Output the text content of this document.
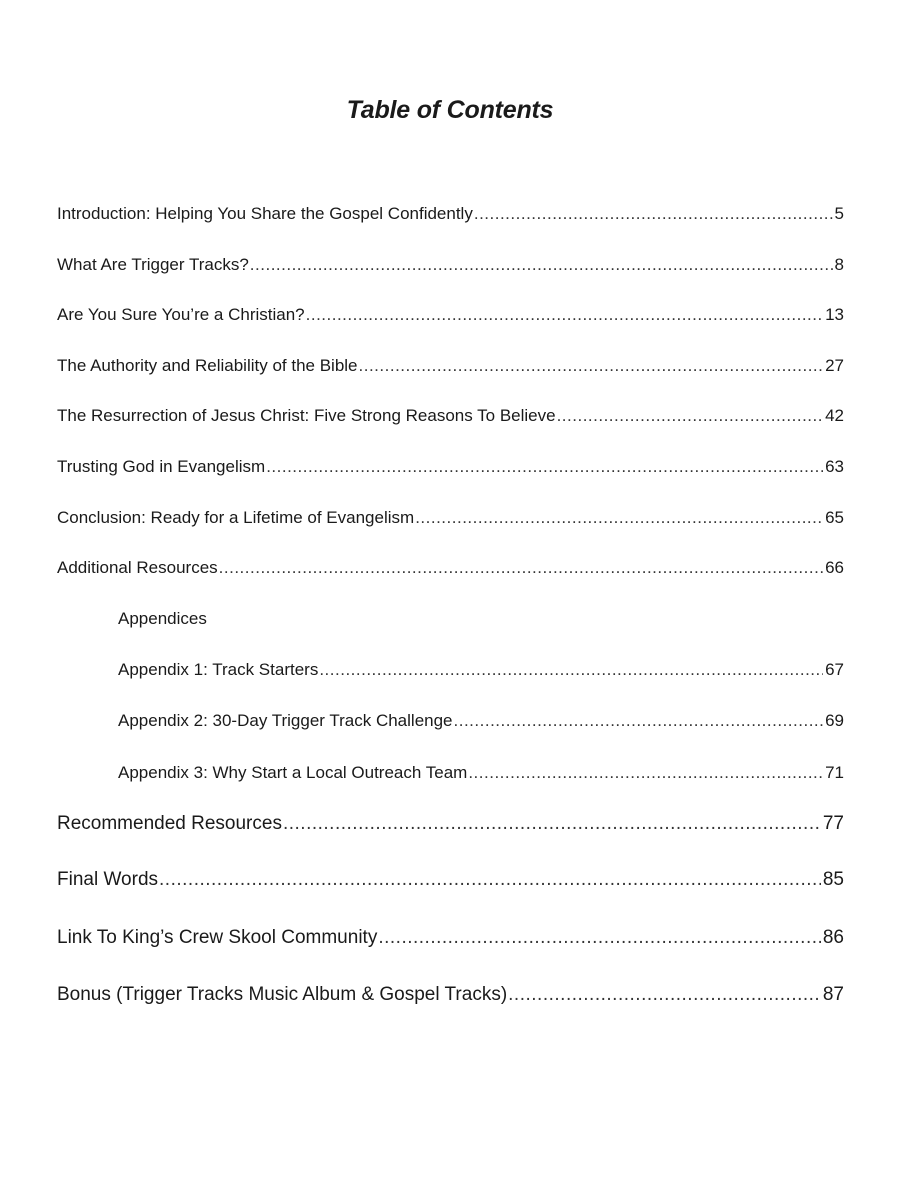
Table of Contents
Introduction: Helping You Share the Gospel Confidently .....	5
What Are Trigger Tracks? .....	8
Are You Sure You’re a Christian? .....	13
The Authority and Reliability of the Bible .....	27
The Resurrection of Jesus Christ: Five Strong Reasons To Believe .....	42
Trusting God in Evangelism .....	63
Conclusion: Ready for a Lifetime of Evangelism .....	65
Additional Resources .....	66
Appendices
Appendix 1: Track Starters .....	67
Appendix 2: 30-Day Trigger Track Challenge .....	69
Appendix 3: Why Start a Local Outreach Team .....	71
Recommended Resources .....	77
Final Words .....	85
Link To King’s Crew Skool Community .....	86
Bonus (Trigger Tracks Music Album & Gospel Tracks) .....	87
